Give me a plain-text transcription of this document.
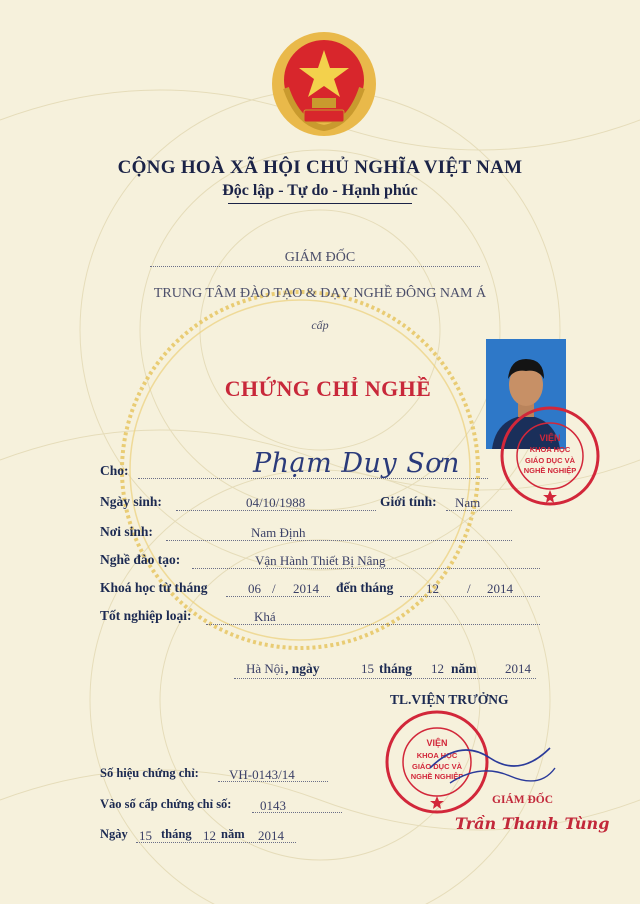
CỘNG HOÀ XÃ HỘI CHỦ NGHĨA VIỆT NAM
Độc lập - Tự do - Hạnh phúc
GIÁM ĐỐC
TRUNG TÂM ĐÀO TẠO & DẠY NGHỀ ĐÔNG NAM Á
cấp
CHỨNG CHỈ NGHỀ
VIỆN
KHOA HỌC
GIÁO DỤC VÀ
NGHỀ NGHIỆP
Cho:	Phạm Duy Sơn
Ngày sinh:	04/10/1988	Giới tính: Nam
Nơi sinh:	Nam Định
Nghề đào tạo:	Vận Hành Thiết Bị Nâng
Khoá học từ tháng	06 / 2014 đến tháng	12 / 2014
Tốt nghiệp loại:	Khá
Hà Nội , ngày	15 tháng 12 năm 2014
TL.VIỆN TRƯỞNG
VIỆN
KHOA HỌC
GIÁO DỤC VÀ
NGHỀ NGHIỆP
GIÁM ĐỐC
Trần Thanh Tùng
Số hiệu chứng chỉ: VH-0143/14
Vào số cấp chứng chỉ số: 0143
Ngày 15 tháng 12 năm 2014
